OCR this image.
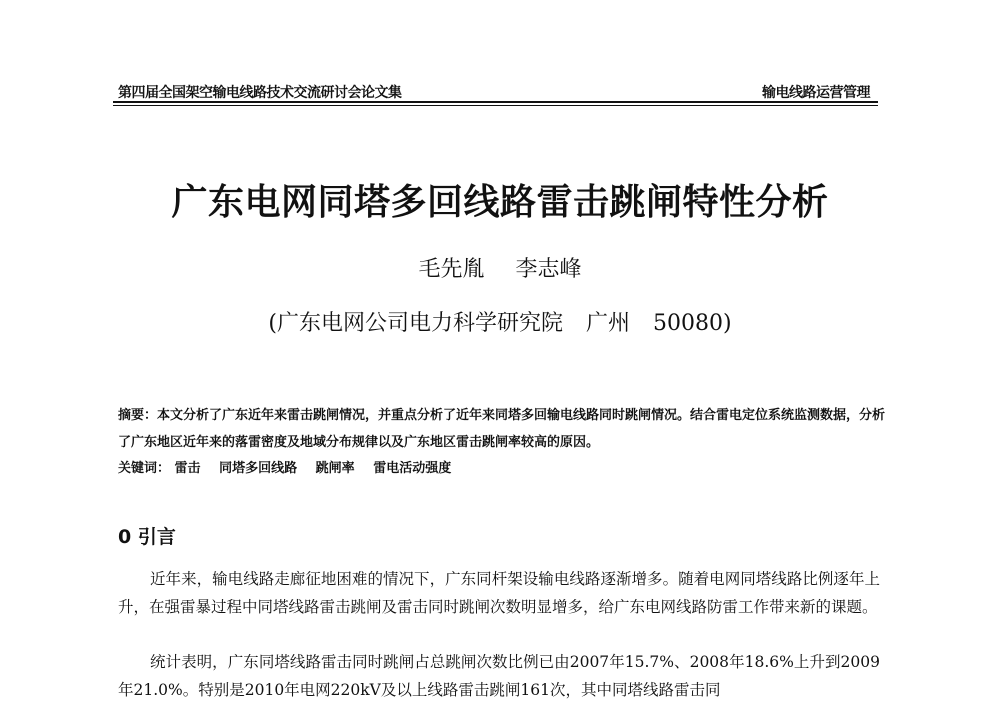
第四届全国架空输电线路技术交流研讨会论文集	输电线路运营管理
广东电网同塔多回线路雷击跳闸特性分析
毛先胤 李志峰
(广东电网公司电力科学研究院 广州 50080)
摘要：本文分析了广东近年来雷击跳闸情况，并重点分析了近年来同塔多回输电线路同时跳闸情况。结合雷电定位系统监测数据，分析了广东地区近年来的落雷密度及地域分布规律以及广东地区雷击跳闸率较高的原因。
关键词： 雷击 同塔多回线路 跳闸率 雷电活动强度
0 引言

近年来，输电线路走廊征地困难的情况下，广东同杆架设输电线路逐渐增多。随着电网同塔线路比例逐年上升，在强雷暴过程中同塔线路雷击跳闸及雷击同时跳闸次数明显增多，给广东电网线路防雷工作带来新的课题。

统计表明，广东同塔线路雷击同时跳闸占总跳闸次数比例已由2007年15.7%、2008年18.6%上升到2009年21.0%。特别是2010年电网220kV及以上线路雷击跳闸161次，其中同塔线路雷击同
